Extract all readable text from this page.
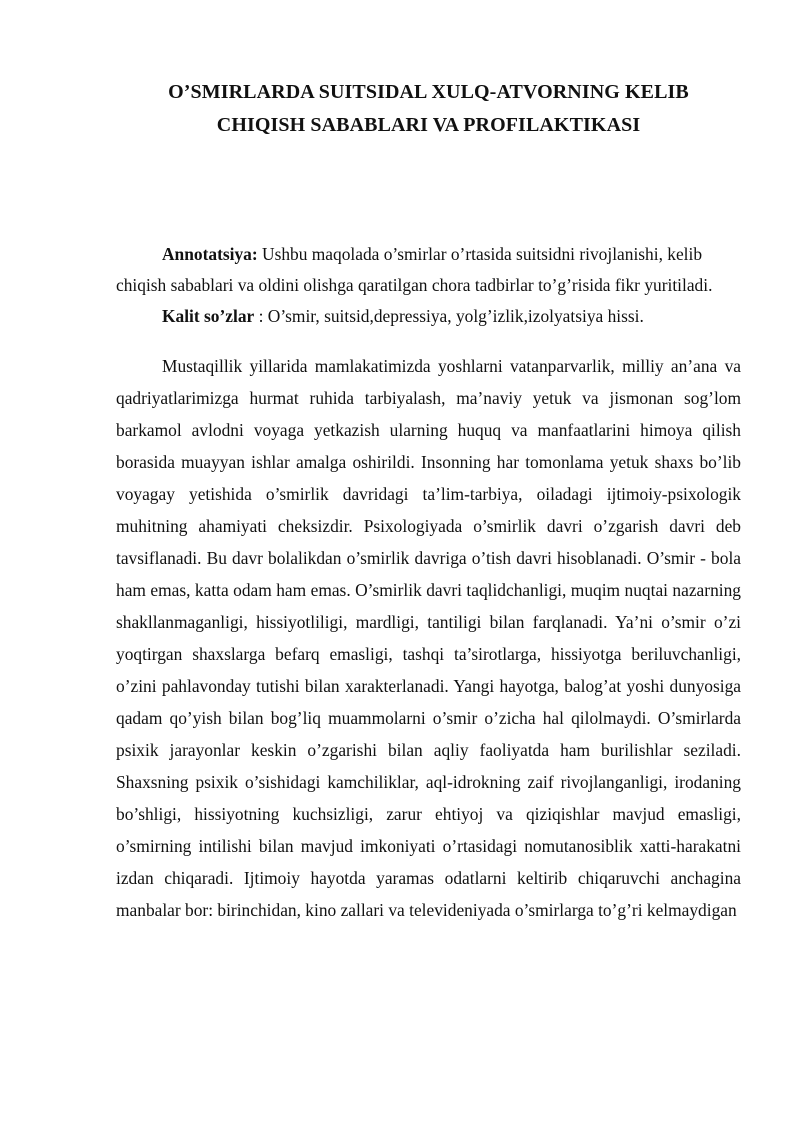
O’SMIRLARDA SUITSIDAL XULQ-ATVORNING KELIB
CHIQISH SABABLARI VA PROFILAKTIKASI

Annotatsiya: Ushbu maqolada o’smirlar o’rtasida suitsidni rivojlanishi, kelib chiqish sabablari va oldini olishga qaratilgan chora tadbirlar to’g’risida fikr yuritiladi.

Kalit so’zlar : O’smir, suitsid,depressiya, yolg’izlik,izolyatsiya hissi.

Mustaqillik yillarida mamlakatimizda yoshlarni vatanparvarlik, milliy an’ana va qadriyatlarimizga hurmat ruhida tarbiyalash, ma’naviy yetuk va jismonan sog’lom barkamol avlodni voyaga yetkazish ularning huquq va manfaatlarini himoya qilish borasida muayyan ishlar amalga oshirildi. Insonning har tomonlama yetuk shaxs bo’lib voyagay yetishida o’smirlik davridagi ta’lim-tarbiya, oiladagi ijtimoiy-psixologik muhitning ahamiyati cheksizdir. Psixologiyada o’smirlik davri o’zgarish davri deb tavsiflanadi. Bu davr bolalikdan o’smirlik davriga o’tish davri hisoblanadi. O’smir - bola ham emas, katta odam ham emas. O’smirlik davri taqlidchanligi, muqim nuqtai nazarning shakllanmaganligi, hissiyotliligi, mardligi, tantiligi bilan farqlanadi. Ya’ni o’smir o’zi yoqtirgan shaxslarga befarq emasligi, tashqi ta’sirotlarga, hissiyotga beriluvchanligi, o’zini pahlavonday tutishi bilan xarakterlanadi. Yangi hayotga, balog’at yoshi dunyosiga qadam qo’yish bilan bog’liq muammolarni o’smir o’zicha hal qilolmaydi. O’smirlarda psixik jarayonlar keskin o’zgarishi bilan aqliy faoliyatda ham burilishlar seziladi. Shaxsning psixik o’sishidagi kamchiliklar, aql-idrokning zaif rivojlanganligi, irodaning bo’shligi, hissiyotning kuchsizligi, zarur ehtiyoj va qiziqishlar mavjud emasligi, o’smirning intilishi bilan mavjud imkoniyati o’rtasidagi nomutanosiblik xatti-harakatni izdan chiqaradi. Ijtimoiy hayotda yaramas odatlarni keltirib chiqaruvchi anchagina manbalar bor: birinchidan, kino zallari va televideniyada o’smirlarga to’g’ri kelmaydigan
